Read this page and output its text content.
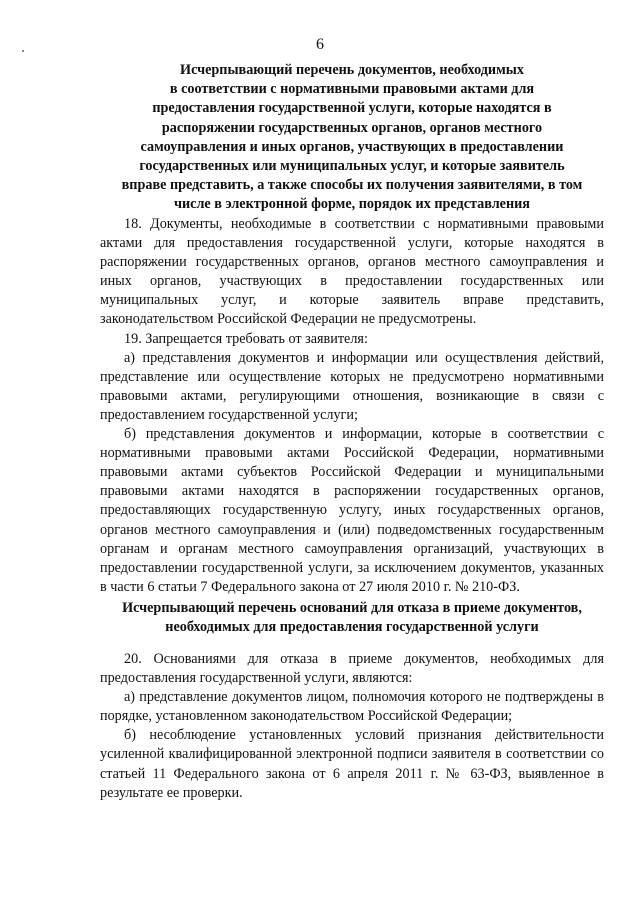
6
Исчерпывающий перечень документов, необходимых
в соответствии с нормативными правовыми актами для
предоставления государственной услуги, которые находятся в
распоряжении государственных органов, органов местного
самоуправления и иных органов, участвующих в предоставлении
государственных или муниципальных услуг, и которые заявитель
вправе представить, а также способы их получения заявителями, в том
числе в электронной форме, порядок их представления

18. Документы, необходимые в соответствии с нормативными правовыми актами для предоставления государственной услуги, которые находятся в распоряжении государственных органов, органов местного самоуправления и иных органов, участвующих в предоставлении государственных или муниципальных услуг, и которые заявитель вправе представить, законодательством Российской Федерации не предусмотрены.

19. Запрещается требовать от заявителя:

а) представления документов и информации или осуществления действий, представление или осуществление которых не предусмотрено нормативными правовыми актами, регулирующими отношения, возникающие в связи с предоставлением государственной услуги;

б) представления документов и информации, которые в соответствии с нормативными правовыми актами Российской Федерации, нормативными правовыми актами субъектов Российской Федерации и муниципальными правовыми актами находятся в распоряжении государственных органов, предоставляющих государственную услугу, иных государственных органов, органов местного самоуправления и (или) подведомственных государственным органам и органам местного самоуправления организаций, участвующих в предоставлении государственной услуги, за исключением документов, указанных в части 6 статьи 7 Федерального закона от 27 июля 2010 г. № 210-ФЗ.

Исчерпывающий перечень оснований для отказа в приеме документов,
необходимых для предоставления государственной услуги

20. Основаниями для отказа в приеме документов, необходимых для предоставления государственной услуги, являются:

а) представление документов лицом, полномочия которого не подтверждены в порядке, установленном законодательством Российской Федерации;

б) несоблюдение установленных условий признания действительности усиленной квалифицированной электронной подписи заявителя в соответствии со статьей 11 Федерального закона от 6 апреля 2011 г. № 63-ФЗ, выявленное в результате ее проверки.
